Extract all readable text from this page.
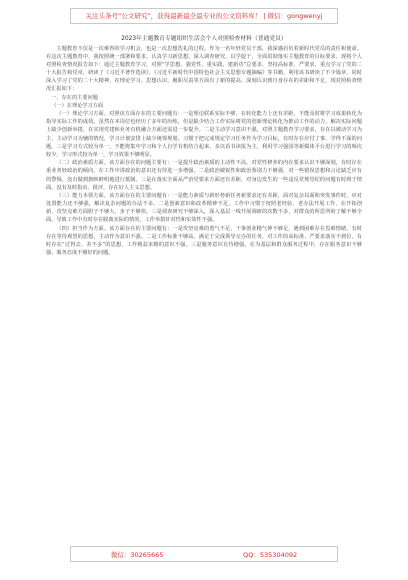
关注头条号“公文研究”，获得最新最全最专业的公文资料库！ | 微信：gongwenyj
2023年主题教育专题组织生活会个人对照检查材料（普通党员）

主题教育不仅是一次难得的学习机会，也是一次思想洗礼的过程。作为一名年轻党员干部，我深感肩负着新时代党员的责任和使命。在这次主题教育中，我按照统一部署和要求，认真学习新思想，深入调查研究，以学促干，全面贯彻落实主题教育的目标要求。现将个人对照检查情况报告如下：通过主题教育学习，对照“学思想、强党性、重实践、建新功”总要求，坚持高标准、严要求，重点学习了党的二十大报告和党章，研读了《习近平著作选读》、《习近平新时代中国特色社会主义思想专题摘编》等书籍，利用该书研读了不少篇章，同时深入学习了党的二十大精神，在理论学习、思想认识、履职尽责等方面有了新的提高。深刻认识到自身存在的差距和不足，现对照检查情况汇报如下：

一、存在的主要问题

（一）在理论学习方面

（一）理论学习方面。对照该方面存在的主要问题有：一是理论联系实际不够，在转化能力上还有差距，不能及时将学习成果转化为指导实际工作的成效。虽然在本岗位也经历了多年的历练，但是缺少结合工作实际将党的创新理论转化为推动工作的动力，解决实际问题上缺少创新举措，在实现党建和业务有机融合方面还需进一步提升。二是主动学习意识不强，对照主题教育学习要求，存在以被动学习为主、主动学习为辅的情况，学习计划安排上缺少统筹规划，习惯于把完成规定学习任务作为学习目标，有时存在应付了事、学得不深的问题。三是学习方式较为单一，不能将集中学习和个人自学有机结合起来，多以看书读报为主，利用学习强国等新媒体平台进行学习的频次较少，学习形式较为单一，学习效果不够明显。

（二）政治素质方面。该方面存在的问题主要有：一是提升政治素质的主动性不高，对党性修养的内在要求认识不够深刻，有时存在重业务轻政治的倾向，在工作中讲政治的意识还有待进一步增强。二是政治敏锐性和政治鉴别力不够强，对一些错误思想和言论缺乏应有的警惕，没有做到旗帜鲜明地进行抵制。三是在落实全面从严治党要求方面还有差距，对身边发生的一些违反党规党纪的问题有时碍于情面，没有及时指出、批评，存在好人主义思想。

（三）能力本领方面。该方面存在的主要问题有：一是能力素质与新形势新任务新要求还有差距，面对复杂局面和突发事件时，应对处置能力还不够强，解决复杂问题的办法不多。二是创新意识和改革精神不足，工作中习惯于按照老经验、老办法开展工作，在开拓创新、攻坚克难方面胆子不够大、步子不够快。三是调查研究不够深入，深入基层一线开展调研的次数不多，对群众的所思所盼了解不够全面，导致工作中有时存在脱离实际的情况，工作举措针对性和实效性不强。

（四）担当作为方面。该方面存在的主要问题有：一是攻坚克难的勇气不足，干事创业精气神不够足，遇到困难存在畏难情绪，有时存在等待观望的思想，主动作为意识不强。二是工作标准不够高，满足于完成领导交办的任务，对工作的高标准、严要求落实不到位，有时存在“过得去、差不多”的思想，工作精益求精的意识不强。三是服务意识有待增强，在为基层和群众服务过程中，存在服务意识不够强、服务态度不够好的问题。

微信：30265665	QQ：535304092
